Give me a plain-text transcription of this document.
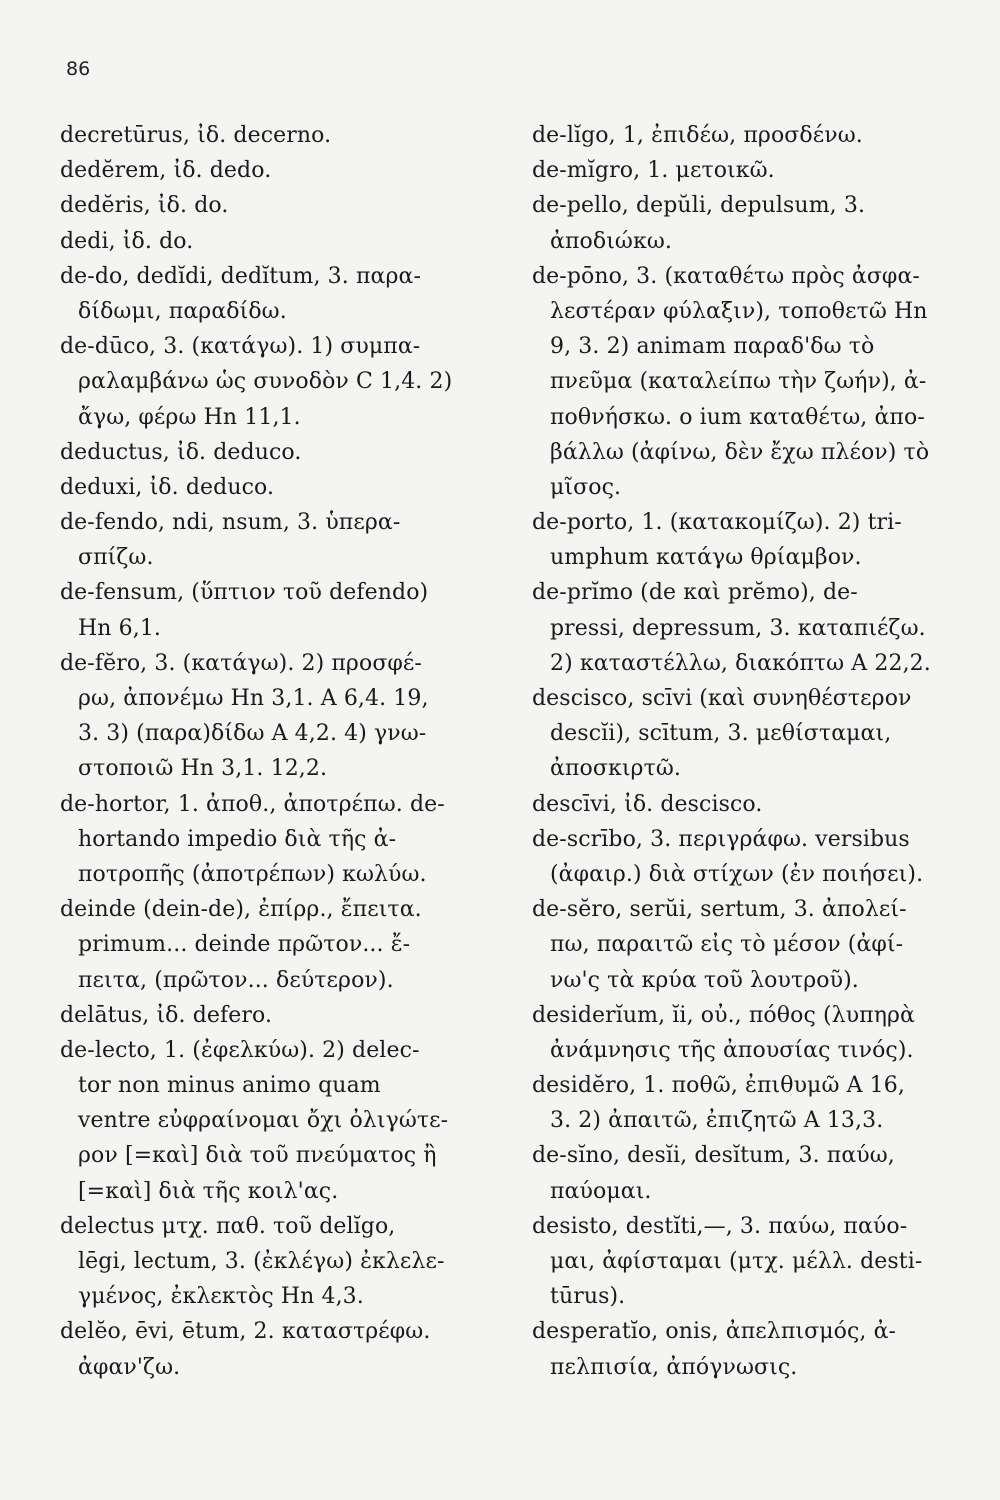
86
decretūrus, ἰδ. decerno.
dedĕrem, ἰδ. dedo.
dedĕris, ἰδ. do.
dedi, ἰδ. do.
de-do, dedĭdi, dedĭtum, 3. παρα-
δίδωμι, παραδίδω.
de-dūco, 3. (κατάγω). 1) συμπα-
ραλαμβάνω ὡς συνοδὸν C 1,4. 2)
ἄγω, φέρω Hn 11,1.
deductus, ἰδ. deduco.
deduxi, ἰδ. deduco.
de-fendo, ndi, nsum, 3. ὑπερα-
σπίζω.
de-fensum, (ὕπτιον τοῦ defendo)
Hn 6,1.
de-fĕro, 3. (κατάγω). 2) προσφέ-
ρω, ἀπονέμω Hn 3,1. A 6,4. 19,
3. 3) (παρα)δίδω A 4,2. 4) γνω-
στοποιῶ Hn 3,1. 12,2.
de-hortor, 1. ἀποθ., ἀποτρέπω. de-
hortando impedio διὰ τῆς ἀ-
ποτροπῆς (ἀποτρέπων) κωλύω.
deinde (dein-de), ἐπίρρ., ἔπειτα.
primum... deinde πρῶτον... ἔ-
πειτα, (πρῶτον... δεύτερον).
delātus, ἰδ. defero.
de-lecto, 1. (ἐφελκύω). 2) delec-
tor non minus animo quam
ventre εὐφραίνομαι ὄχι ὀλιγώτε-
ρον [=καὶ] διὰ τοῦ πνεύματος ἢ
[=καὶ] διὰ τῆς κοιλ'ας.
delectus μτχ. παθ. τοῦ delĭgo,
lēgi, lectum, 3. (ἐκλέγω) ἐκλελε-
γμένος, ἐκλεκτὸς Hn 4,3.
delĕo, ēvi, ētum, 2. καταστρέφω.
ἀφαν'ζω.
de-lĭgo, 1, ἐπιδέω, προσδένω.
de-mĭgro, 1. μετοικῶ.
de-pello, depŭli, depulsum, 3.
ἀποδιώκω.
de-pōno, 3. (καταθέτω πρὸς ἀσφα-
λεστέραν φύλαξιν), τοποθετῶ Hn
9, 3. 2) animam παραδ'δω τὸ
πνεῦμα (καταλείπω τὴν ζωήν), ἀ-
ποθνήσκω. o ium καταθέτω, ἀπο-
βάλλω (ἀφίνω, δὲν ἔχω πλέον) τὸ
μῖσος.
de-porto, 1. (κατακομίζω). 2) tri-
umphum κατάγω θρίαμβον.
de-prĭmo (de καὶ prĕmo), de-
pressi, depressum, 3. καταπιέζω.
2) καταστέλλω, διακόπτω A 22,2.
descisco, scīvi (καὶ συνηθέστερον
descĭi), scītum, 3. μεθίσταμαι,
ἀποσκιρτῶ.
descīvi, ἰδ. descisco.
de-scrībo, 3. περιγράφω. versibus
(ἀφαιρ.) διὰ στίχων (ἐν ποιήσει).
de-sĕro, serŭi, sertum, 3. ἀπολεί-
πω, παραιτῶ εἰς τὸ μέσον (ἀφί-
νω'ς τὰ κρύα τοῦ λουτροῦ).
desiderĭum, ĭi, οὐ., πόθος (λυπηρὰ
ἀνάμνησις τῆς ἀπουσίας τινός).
desidĕro, 1. ποθῶ, ἐπιθυμῶ A 16,
3. 2) ἀπαιτῶ, ἐπιζητῶ A 13,3.
de-sĭno, desĭi, desĭtum, 3. παύω,
παύομαι.
desisto, destĭti,—, 3. παύω, παύο-
μαι, ἀφίσταμαι (μτχ. μέλλ. desti-
tūrus).
desperatĭo, onis, ἀπελπισμός, ἀ-
πελπισία, ἀπόγνωσις.
